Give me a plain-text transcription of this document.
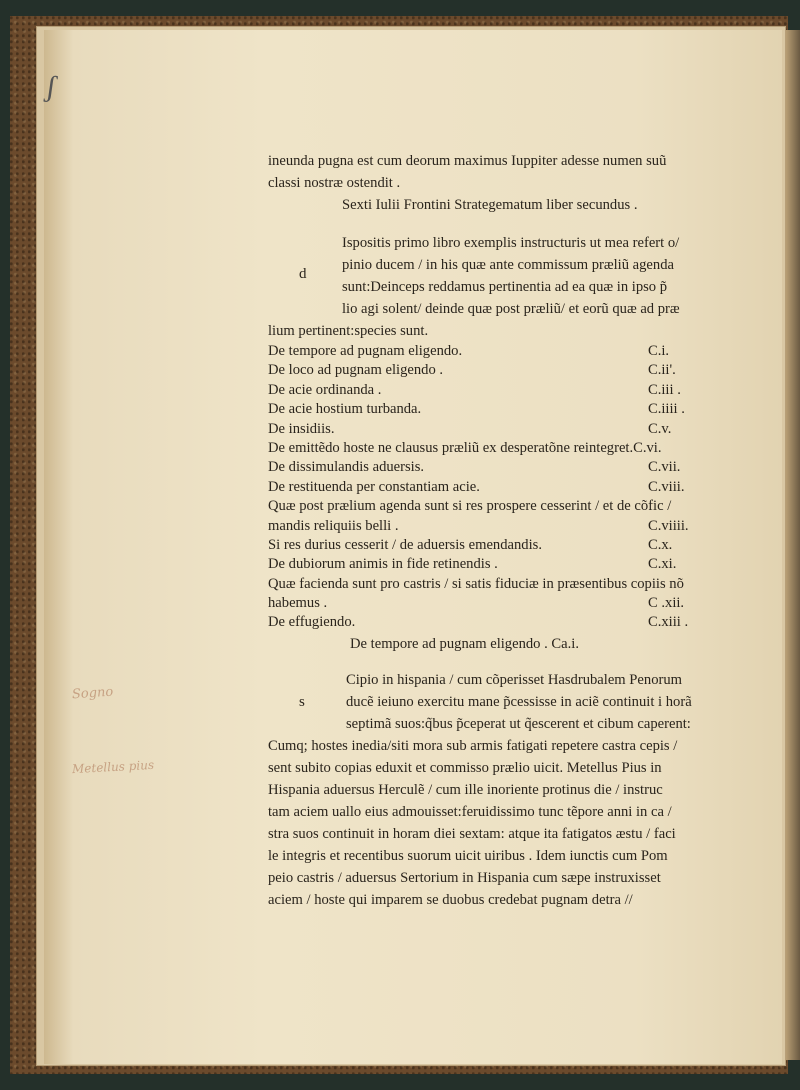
ʃ
d
s
Sogno
Metellus pius
ineunda pugna est cum deorum maximus Iuppiter adesse numen suũ
classi nostræ ostendit .
Sexti Iulii Frontini Strategematum liber secundus .
Ispositis primo libro exemplis instructuris ut mea refert o/
pinio ducem / in his quæ ante commissum præliũ agenda
sunt:Deinceps reddamus pertinentia ad ea quæ in ipso p̃
lio agi solent/ deinde quæ post præliũ/ et eorũ quæ ad præ
lium pertinent:species sunt.
De tempore ad pugnam eligendo.	C.i.
De loco ad pugnam eligendo .	C.ii'.
De acie ordinanda .	C.iii .
De acie hostium turbanda.	C.iiii .
De insidiis.	C.v.
De emittẽdo hoste ne clausus præliũ ex desperatõne reintegret.C.vi.
De dissimulandis aduersis.	C.vii.
De restituenda per constantiam acie.	C.viii.
Quæ post prælium agenda sunt si res prospere cesserint / et de cõfic /
mandis reliquiis belli .	C.viiii.
Si res durius cesserit / de aduersis emendandis.	C.x.
De dubiorum animis in fide retinendis .	C.xi.
Quæ facienda sunt pro castris / si satis fiduciæ in præsentibus copiis nõ
habemus .	C .xii.
De effugiendo.	C.xiii .
De tempore ad pugnam eligendo . Ca.i.
Cipio in hispania / cum cõperisset Hasdrubalem Penorum
ducẽ ieiuno exercitu mane p̃cessisse in aciẽ continuit i horã
septimã suos:q̃bus p̃ceperat ut q̃escerent et cibum caperent:
Cumq; hostes inedia/siti mora sub armis fatigati repetere castra cepis /
sent subito copias eduxit et commisso prælio uicit. Metellus Pius in
Hispania aduersus Herculẽ / cum ille inoriente protinus die / instruc
tam aciem uallo eius admouisset:feruidissimo tunc tẽpore anni in ca /
stra suos continuit in horam diei sextam: atque ita fatigatos æstu / faci
le integris et recentibus suorum uicit uiribus . Idem iunctis cum Pom
peio castris / aduersus Sertorium in Hispania cum sæpe instruxisset
aciem / hoste qui imparem se duobus credebat pugnam detra //
